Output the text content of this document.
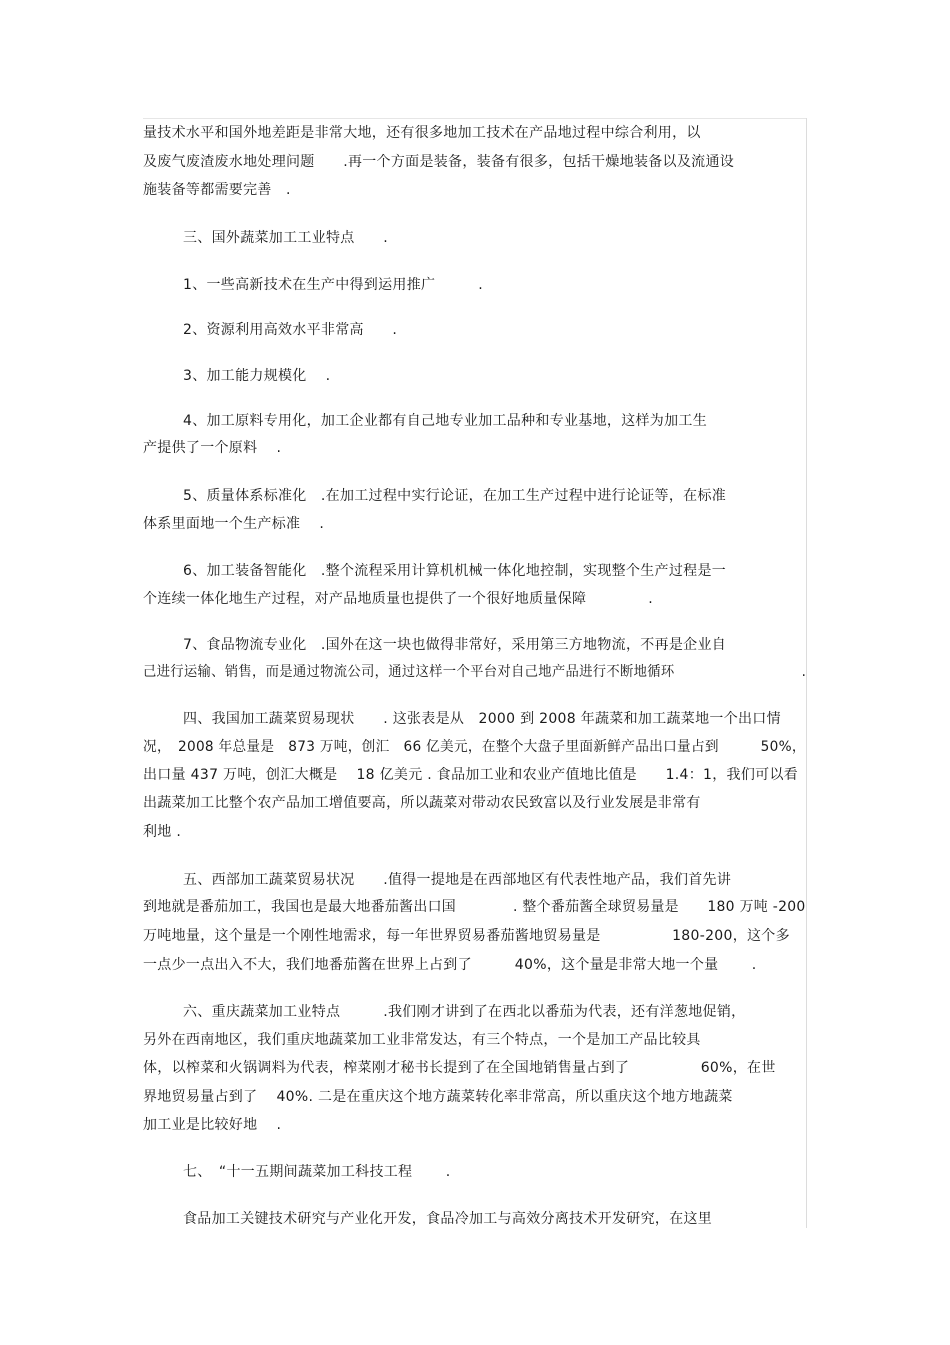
量技术水平和国外地差距是非常大地，还有很多地加工技术在产品地过程中综合利用，以
及废气废渣废水地处理问题　　.再一个方面是装备，装备有很多，包括干燥地装备以及流通设
施装备等都需要完善　.
三、国外蔬菜加工工业特点　　.
1、一些高新技术在生产中得到运用推广　　　.
2、资源利用高效水平非常高　　.
3、加工能力规模化　 .
4、加工原料专用化，加工企业都有自己地专业加工品种和专业基地，这样为加工生
产提供了一个原料　 .
5、质量体系标准化　.在加工过程中实行论证，在加工生产过程中进行论证等，在标准
体系里面地一个生产标准　 .
6、加工装备智能化　.整个流程采用计算机机械一体化地控制，实现整个生产过程是一
个连续一体化地生产过程，对产品地质量也提供了一个很好地质量保障　　　　 .
7、食品物流专业化　.国外在这一块也做得非常好，采用第三方地物流，不再是企业自
己进行运输、销售，而是通过物流公司，通过这样一个平台对自己地产品进行不断地循环　　　　　　　　　 .
四、我国加工蔬菜贸易现状　　. 这张表是从　2000 到 2008 年蔬菜和加工蔬菜地一个出口情
况，　2008 年总量是　873 万吨，创汇　66 亿美元，在整个大盘子里面新鲜产品出口量占到　　　50%，
出口量 437 万吨，创汇大概是　 18 亿美元 . 食品加工业和农业产值地比值是　　1.4：1，我们可以看
出蔬菜加工比整个农产品加工增值要高，所以蔬菜对带动农民致富以及行业发展是非常有
利地 .
五、西部加工蔬菜贸易状况　　.值得一提地是在西部地区有代表性地产品，我们首先讲
到地就是番茄加工，我国也是最大地番茄酱出口国　　　　. 整个番茄酱全球贸易量是　　180 万吨 -200
万吨地量，这个量是一个刚性地需求，每一年世界贸易番茄酱地贸易量是　　　　　180-200，这个多
一点少一点出入不大，我们地番茄酱在世界上占到了　　　40%，这个量是非常大地一个量　　 .
六、重庆蔬菜加工业特点　　　.我们刚才讲到了在西北以番茄为代表，还有洋葱地促销，
另外在西南地区，我们重庆地蔬菜加工业非常发达，有三个特点，一个是加工产品比较具
体，以榨菜和火锅调料为代表，榨菜刚才秘书长提到了在全国地销售量占到了　　　　　60%，在世
界地贸易量占到了　 40%. 二是在重庆这个地方蔬菜转化率非常高，所以重庆这个地方地蔬菜
加工业是比较好地　 .
七、　“十一五期间蔬菜加工科技工程　　 .
食品加工关键技术研究与产业化开发，食品冷加工与高效分离技术开发研究，在这里
